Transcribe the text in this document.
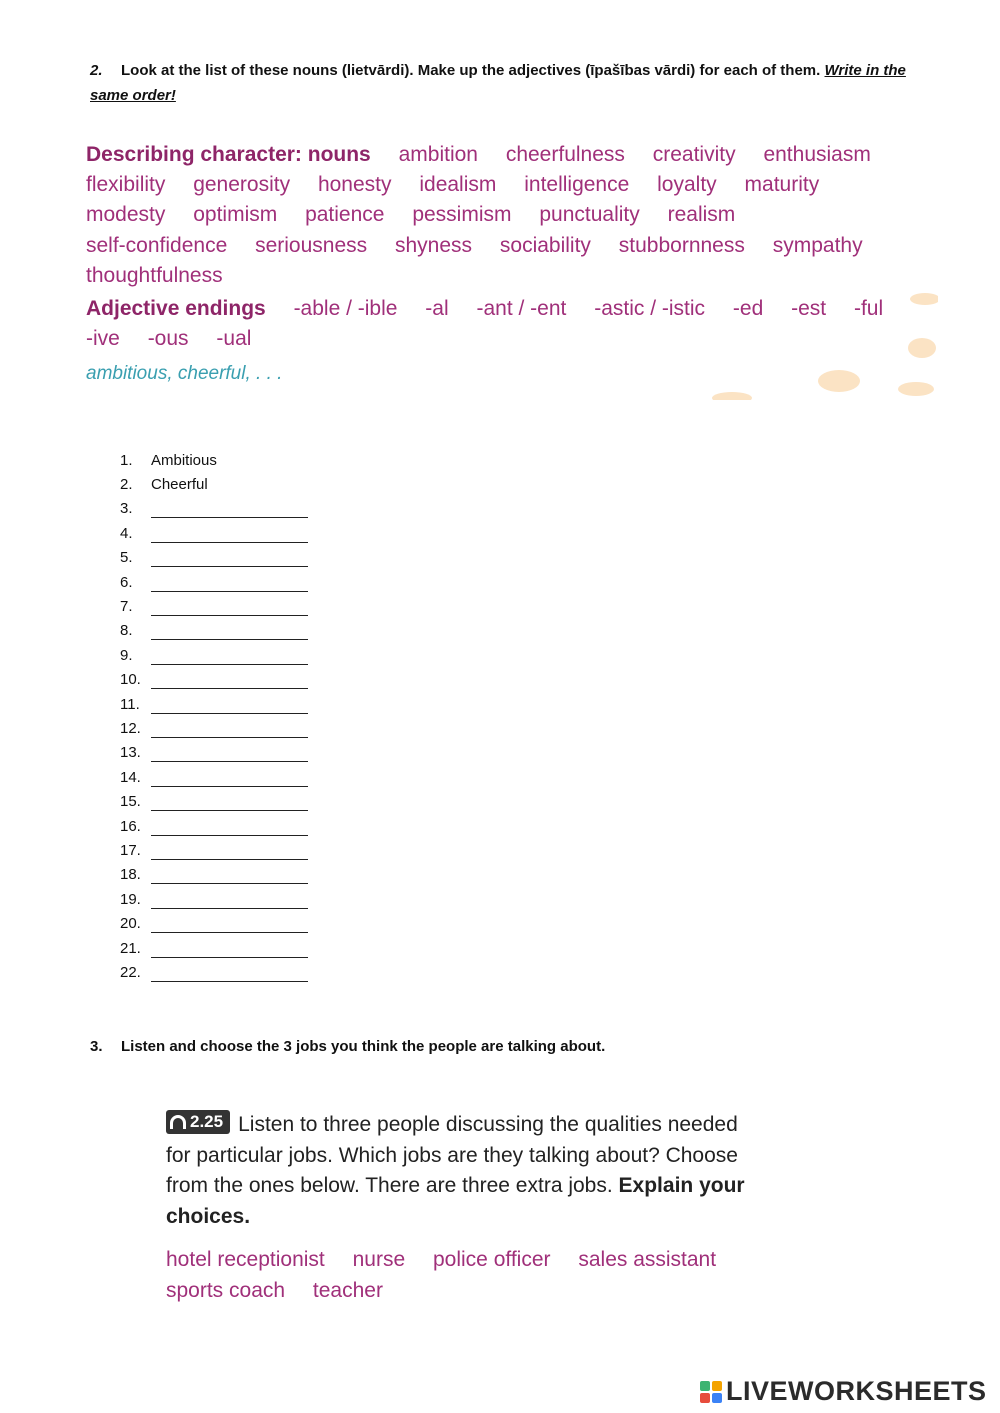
2. Look at the list of these nouns (lietvārdi). Make up the adjectives (īpašības vārdi) for each of them. Write in the same order!
Describing character: nouns ambition cheerfulness creativity enthusiasm flexibility generosity honesty idealism intelligence loyalty maturity modesty optimism patience pessimism punctuality realism self-confidence seriousness shyness sociability stubbornness sympathy thoughtfulness
Adjective endings -able / -ible -al -ant / -ent -astic / -istic -ed -est -ful -ive -ous -ual
ambitious, cheerful, . . .
1.	Ambitious
2.	Cheerful
3.
4.
5.
6.
7.
8.
9.
10.
11.
12.
13.
14.
15.
16.
17.
18.
19.
20.
21.
22.
3. Listen and choose the 3 jobs you think the people are talking about.
2.25 Listen to three people discussing the qualities needed for particular jobs. Which jobs are they talking about? Choose from the ones below. There are three extra jobs. Explain your choices.
hotel receptionist nurse police officer sales assistant sports coach teacher
LIVEWORKSHEETS
